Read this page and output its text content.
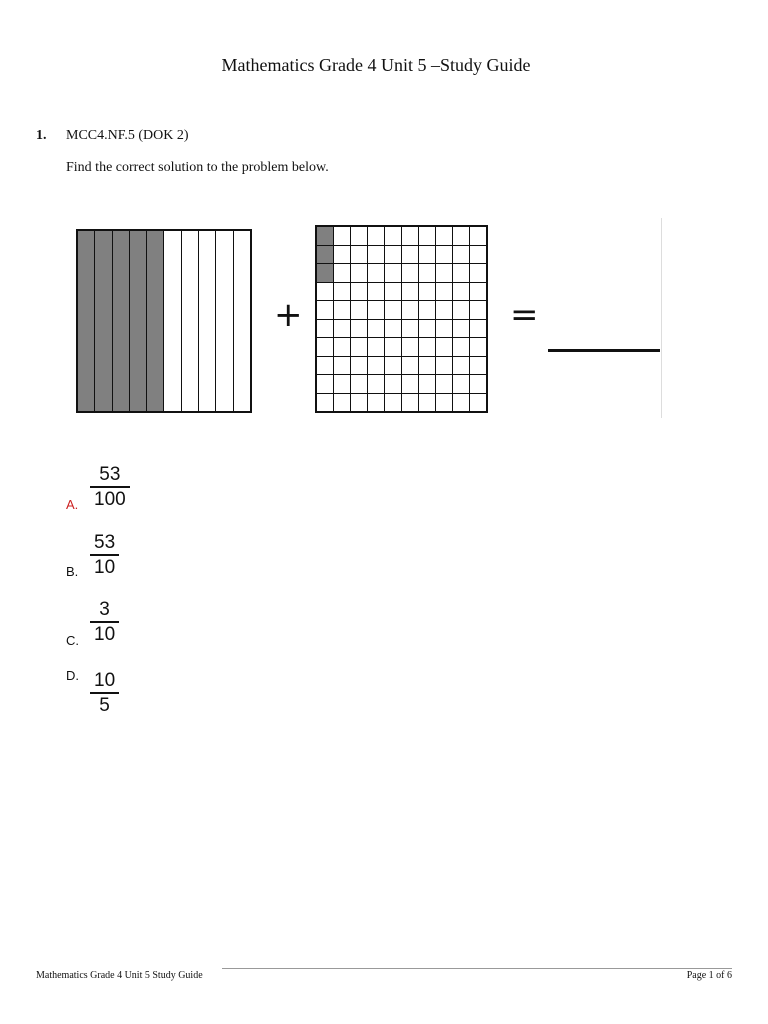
Mathematics Grade 4 Unit 5 –Study Guide
1. MCC4.NF.5 (DOK 2)
Find the correct solution to the problem below.
+	=
A.
53
100
B.
53
10
C.
3
10
D. 10
5
Mathematics Grade 4 Unit 5 Study Guide	Page 1 of 6
